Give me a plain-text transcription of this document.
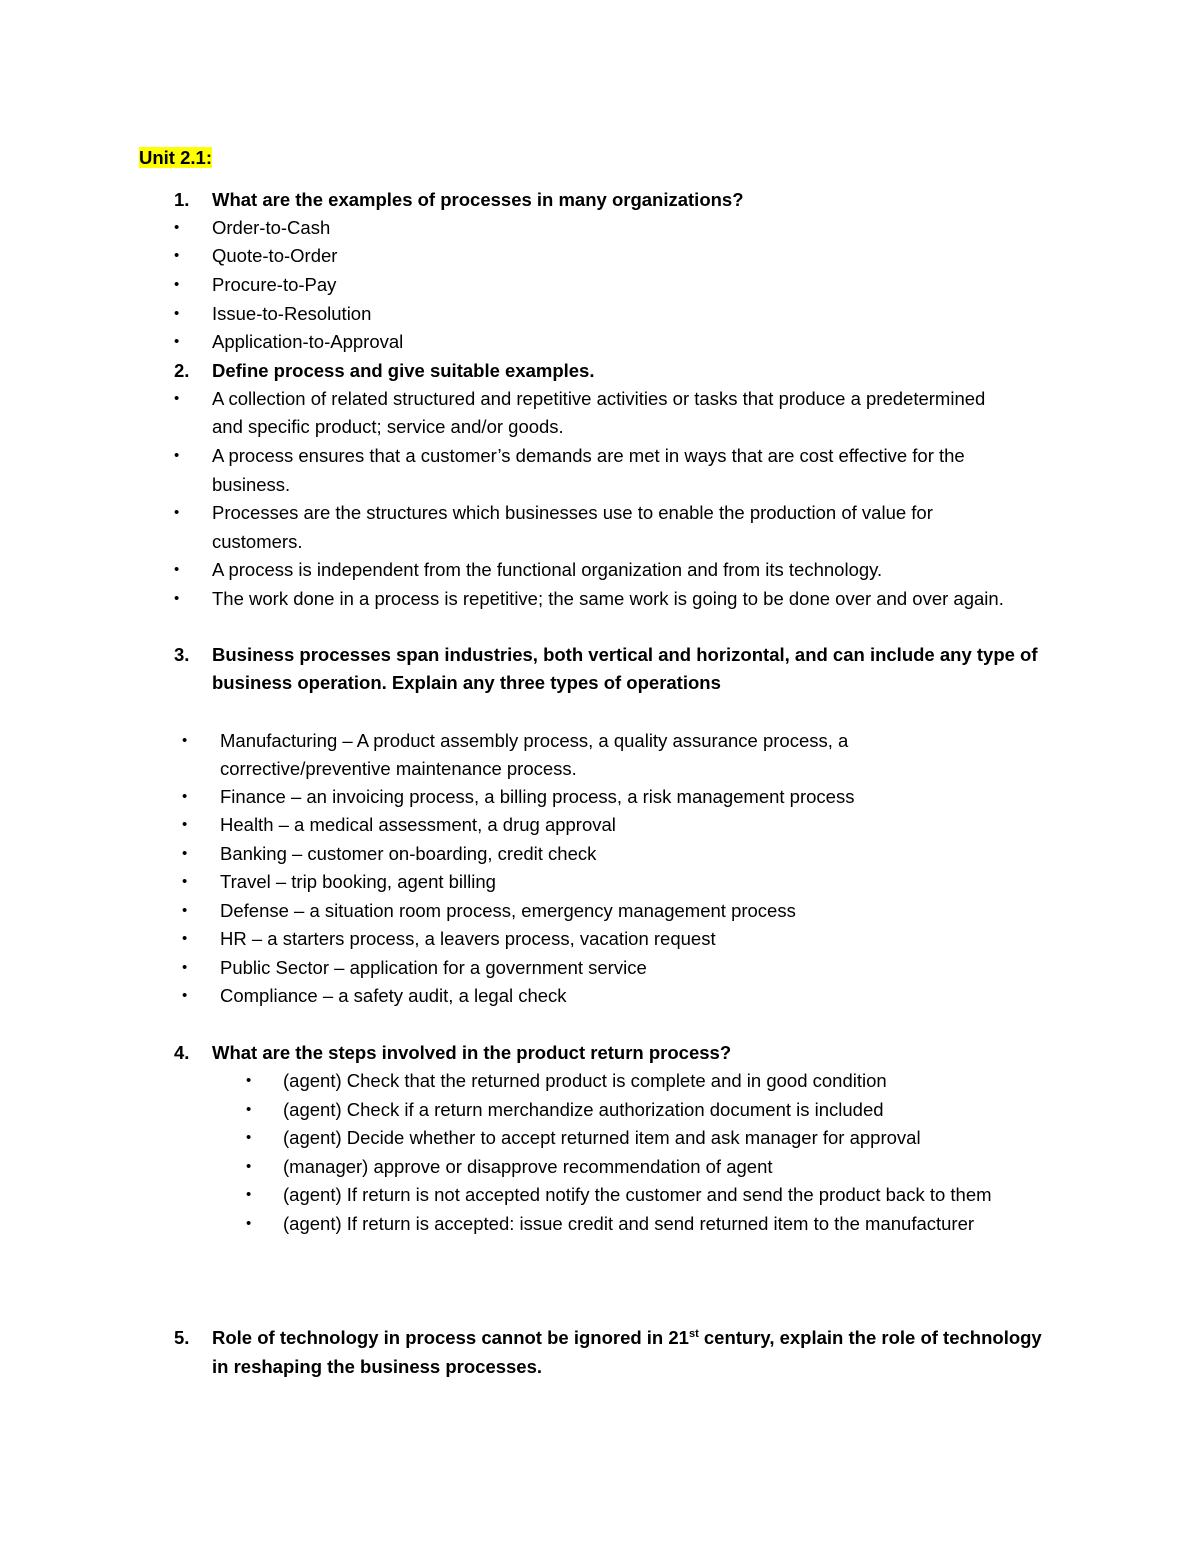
Unit 2.1:
1. What are the examples of processes in many organizations?
• Order-to-Cash
• Quote-to-Order
• Procure-to-Pay
• Issue-to-Resolution
• Application-to-Approval
2. Define process and give suitable examples.
• A collection of related structured and repetitive activities or tasks that produce a predetermined
and specific product; service and/or goods.
• A process ensures that a customer’s demands are met in ways that are cost effective for the
business.
• Processes are the structures which businesses use to enable the production of value for
customers.
• A process is independent from the functional organization and from its technology.
• The work done in a process is repetitive; the same work is going to be done over and over again.
3. Business processes span industries, both vertical and horizontal, and can include any type of
business operation. Explain any three types of operations
• Manufacturing – A product assembly process, a quality assurance process, a
corrective/preventive maintenance process.
• Finance – an invoicing process, a billing process, a risk management process
• Health – a medical assessment, a drug approval
• Banking – customer on-boarding, credit check
• Travel – trip booking, agent billing
• Defense – a situation room process, emergency management process
• HR – a starters process, a leavers process, vacation request
• Public Sector – application for a government service
• Compliance – a safety audit, a legal check
4. What are the steps involved in the product return process?
• (agent) Check that the returned product is complete and in good condition
• (agent) Check if a return merchandize authorization document is included
• (agent) Decide whether to accept returned item and ask manager for approval
• (manager) approve or disapprove recommendation of agent
• (agent) If return is not accepted notify the customer and send the product back to them
• (agent) If return is accepted: issue credit and send returned item to the manufacturer
5. Role of technology in process cannot be ignored in 21st century, explain the role of technology
in reshaping the business processes.
